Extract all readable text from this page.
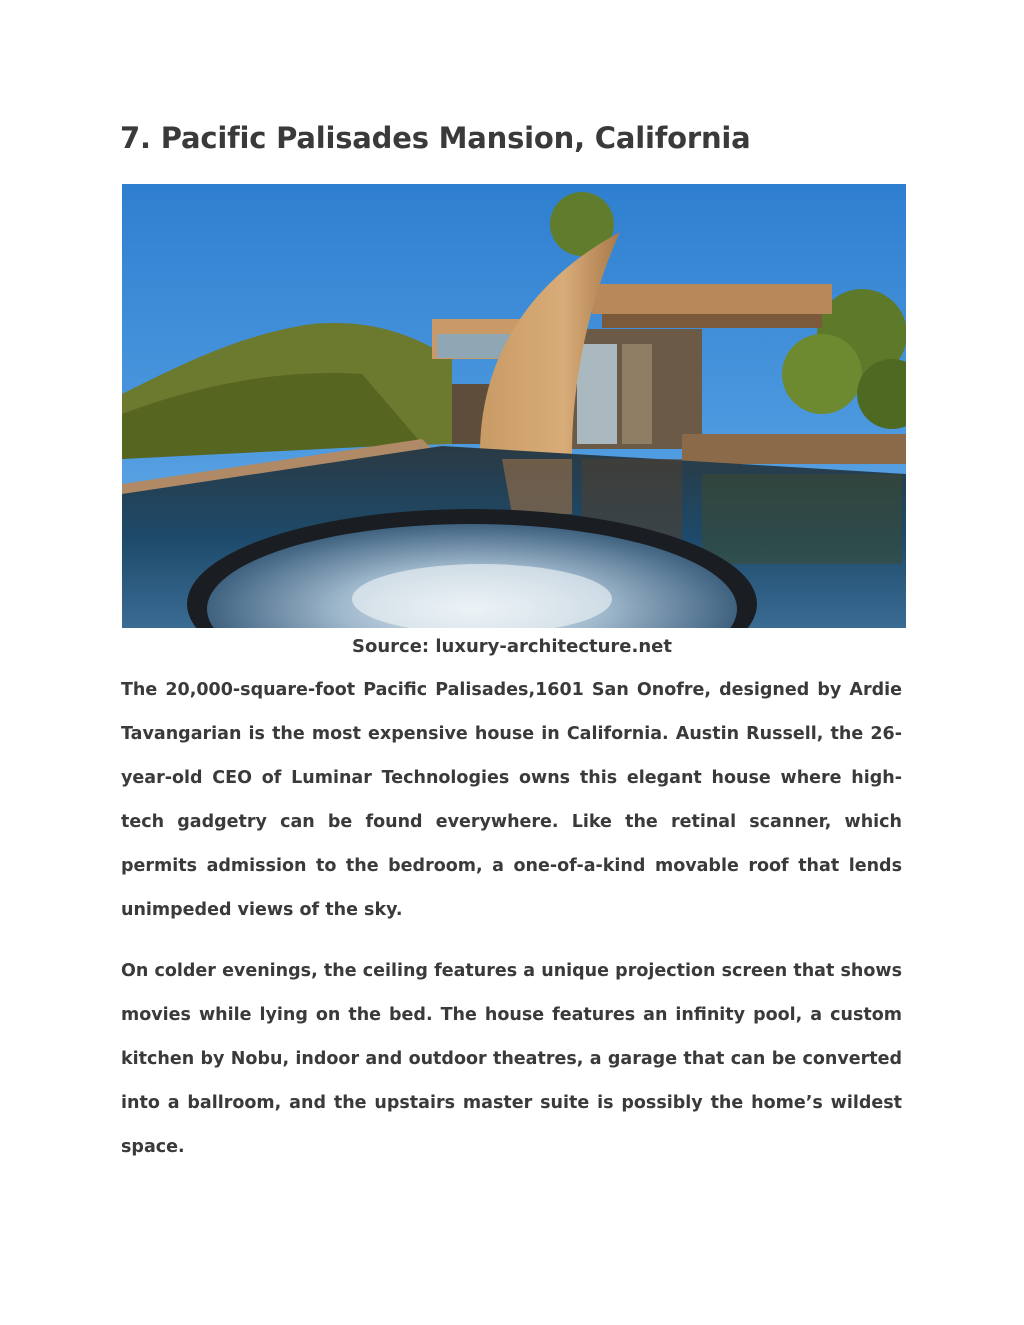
7. Pacific Palisades Mansion, California
Source: luxury-architecture.net

The 20,000-square-foot Pacific Palisades,1601 San Onofre, designed by Ardie Tavangarian is the most expensive house in California. Austin Russell, the 26-year-old CEO of Luminar Technologies owns this elegant house where high-tech gadgetry can be found everywhere. Like the retinal scanner, which permits admission to the bedroom, a one-of-a-kind movable roof that lends unimpeded views of the sky.

On colder evenings, the ceiling features a unique projection screen that shows movies while lying on the bed. The house features an infinity pool, a custom kitchen by Nobu, indoor and outdoor theatres, a garage that can be converted into a ballroom, and the upstairs master suite is possibly the home’s wildest space.
